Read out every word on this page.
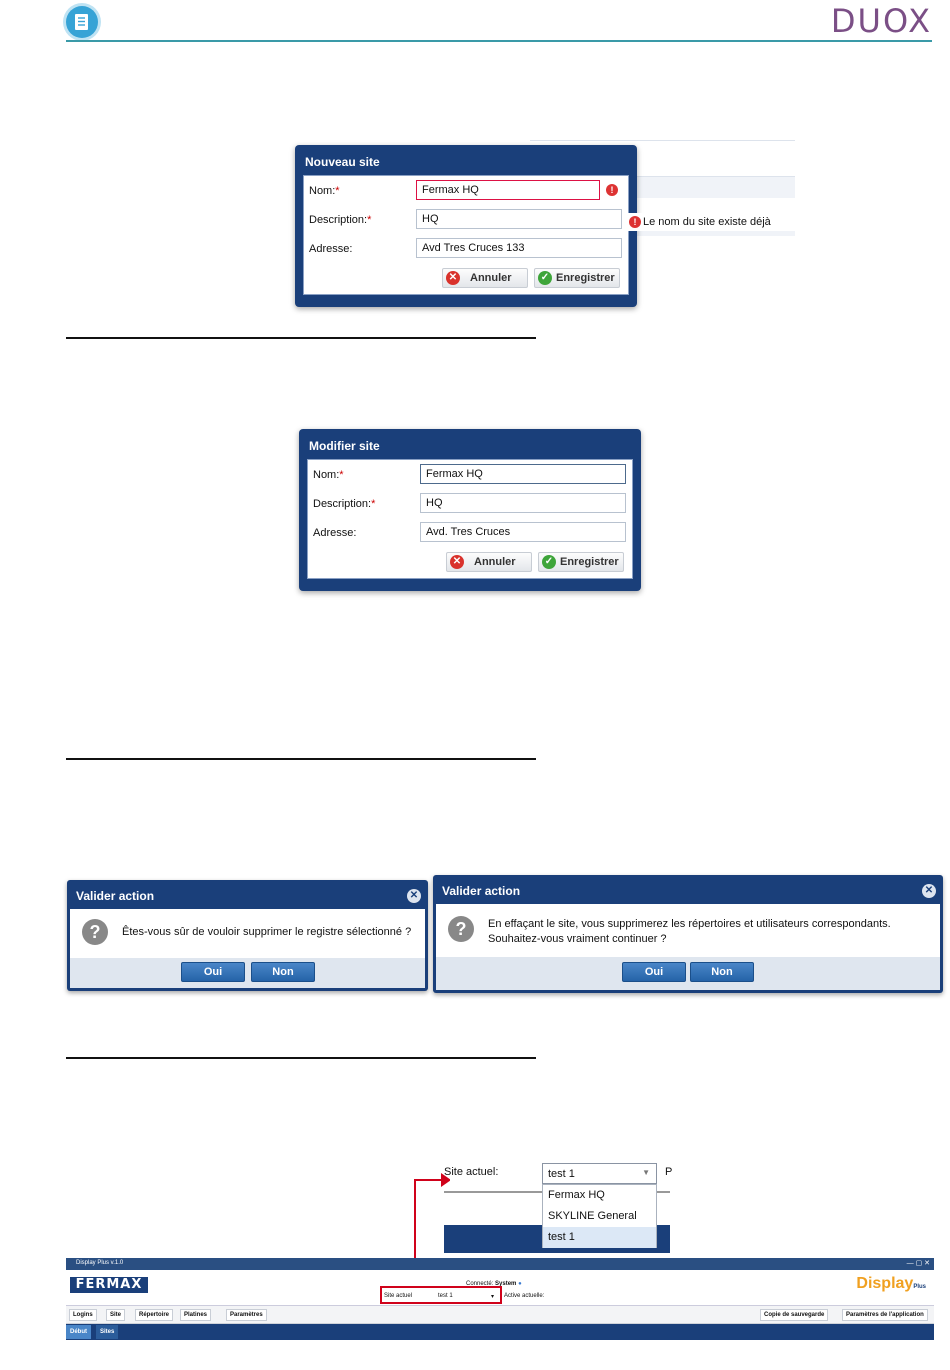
DUOX
Nouveau site
Nom:*	Fermax HQ	!
Description:*	HQ
Adresse:	Avd Tres Cruces 133
✕ Annuler	✓ Enregistrer
! Le nom du site existe déjà
Modifier site
Nom:*	Fermax HQ
Description:*	HQ
Adresse:	Avd. Tres Cruces
✕ Annuler	✓ Enregistrer
Valider action	✕
?	Êtes-vous sûr de vouloir supprimer le registre sélectionné ?
Oui	Non
Valider action	✕
?	En effaçant le site, vous supprimerez les répertoires et utilisateurs correspondants.
Souhaitez-vous vraiment continuer ?
Oui	Non
Site actuel:	test 1	▼ P
Fermax HQ
SKYLINE General
test 1
Display Plus v.1.0	— ▢ ✕
FERMAX	Connecté: System ●
Site actuel	test 1	▾ Active actuelle:
DisplayPlus
Logins	Site	Répertoire	Platines	Paramètres	Copie de sauvegarde	Paramètres de l'application
Début	Sites
